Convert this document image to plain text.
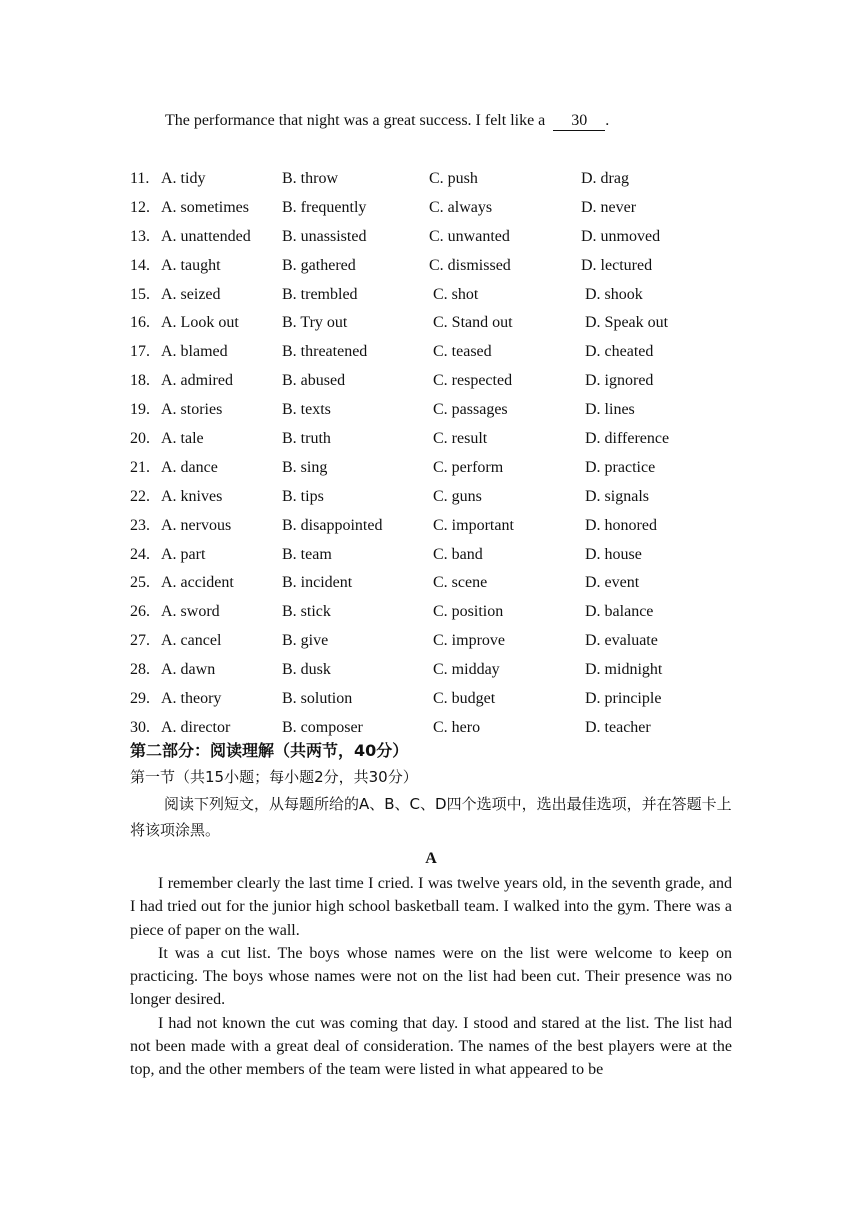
The performance that night was a great success. I felt like a 30 .
11. A. tidy	B. throw	C. push	D. drag
12. A. sometimes B. frequently	C. always	D. never
13. A. unattended B. unassisted	C. unwanted	D. unmoved
14. A. taught	B. gathered	C. dismissed	D. lectured
15. A. seized	B. trembled	C. shot	D. shook
16. A. Look out	B. Try out	C. Stand out	D. Speak out
17. A. blamed	B. threatened	C. teased	D. cheated
18. A. admired	B. abused	C. respected	D. ignored
19. A. stories	B. texts	C. passages	D. lines
20. A. tale	B. truth	C. result	D. difference
21. A. dance	B. sing	C. perform	D. practice
22. A. knives	B. tips	C. guns	D. signals
23. A. nervous	B. disappointed	C. important	D. honored
24. A. part	B. team	C. band	D. house
25. A. accident	B. incident	C. scene	D. event
26. A. sword	B. stick	C. position	D. balance
27. A. cancel	B. give	C. improve	D. evaluate
28. A. dawn	B. dusk	C. midday	D. midnight
29. A. theory	B. solution	C. budget	D. principle
30. A. director	B. composer	C. hero	D. teacher
第二部分：阅读理解（共两节，40分）
第一节（共15小题；每小题2分，共30分）
阅读下列短文，从每题所给的A、B、C、D四个选项中，选出最佳选项，并在答题卡上将该项涂黑。
A

I remember clearly the last time I cried. I was twelve years old, in the seventh grade, and I had tried out for the junior high school basketball team. I walked into the gym. There was a piece of paper on the wall.

It was a cut list. The boys whose names were on the list were welcome to keep on practicing. The boys whose names were not on the list had been cut. Their presence was no longer desired.

I had not known the cut was coming that day. I stood and stared at the list. The list had not been made with a great deal of consideration. The names of the best players were at the top, and the other members of the team were listed in what appeared to be
